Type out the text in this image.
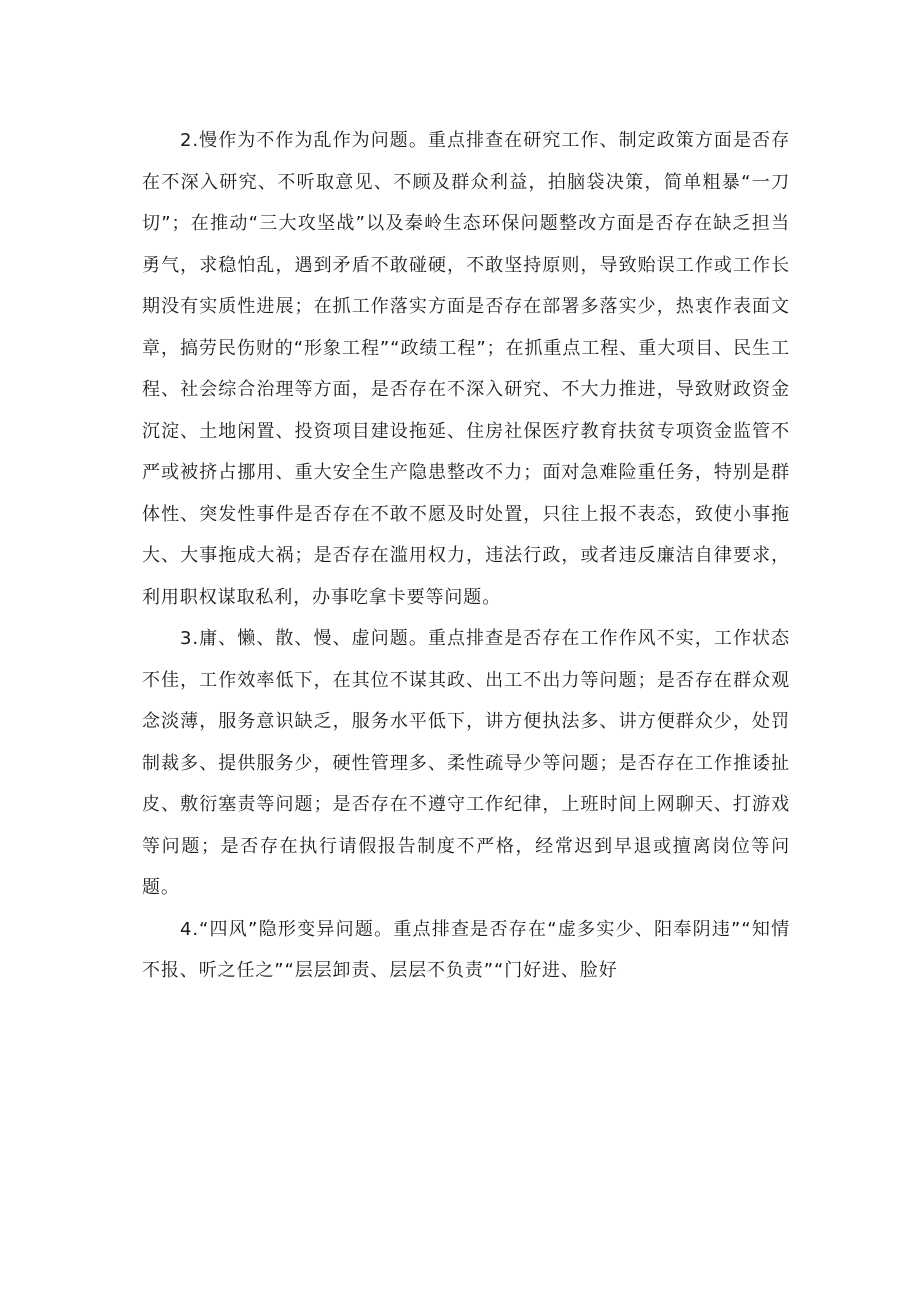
2.慢作为不作为乱作为问题。重点排查在研究工作、制定政策方面是否存在不深入研究、不听取意见、不顾及群众利益，拍脑袋决策，简单粗暴“一刀切”；在推动“三大攻坚战”以及秦岭生态环保问题整改方面是否存在缺乏担当勇气，求稳怕乱，遇到矛盾不敢碰硬，不敢坚持原则，导致贻误工作或工作长期没有实质性进展；在抓工作落实方面是否存在部署多落实少，热衷作表面文章，搞劳民伤财的“形象工程”“政绩工程”；在抓重点工程、重大项目、民生工程、社会综合治理等方面，是否存在不深入研究、不大力推进，导致财政资金沉淀、土地闲置、投资项目建设拖延、住房社保医疗教育扶贫专项资金监管不严或被挤占挪用、重大安全生产隐患整改不力；面对急难险重任务，特别是群体性、突发性事件是否存在不敢不愿及时处置，只往上报不表态，致使小事拖大、大事拖成大祸；是否存在滥用权力，违法行政，或者违反廉洁自律要求，利用职权谋取私利，办事吃拿卡要等问题。

3.庸、懒、散、慢、虚问题。重点排查是否存在工作作风不实，工作状态不佳，工作效率低下，在其位不谋其政、出工不出力等问题；是否存在群众观念淡薄，服务意识缺乏，服务水平低下，讲方便执法多、讲方便群众少，处罚制裁多、提供服务少，硬性管理多、柔性疏导少等问题；是否存在工作推诿扯皮、敷衍塞责等问题；是否存在不遵守工作纪律，上班时间上网聊天、打游戏等问题；是否存在执行请假报告制度不严格，经常迟到早退或擅离岗位等问题。

4.“四风”隐形变异问题。重点排查是否存在“虚多实少、阳奉阴违”“知情不报、听之任之”“层层卸责、层层不负责”“门好进、脸好
